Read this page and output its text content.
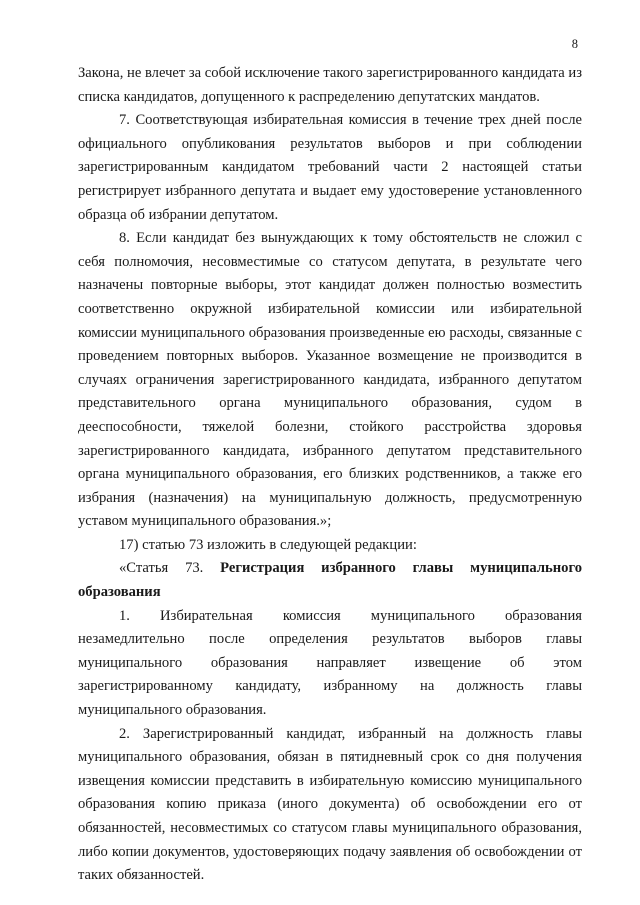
8

Закона, не влечет за собой исключение такого зарегистрированного кандидата из списка кандидатов, допущенного к распределению депутатских мандатов.

7. Соответствующая избирательная комиссия в течение трех дней после официального опубликования результатов выборов и при соблюдении зарегистрированным кандидатом требований части 2 настоящей статьи регистрирует избранного депутата и выдает ему удостоверение установленного образца об избрании депутатом.

8. Если кандидат без вынуждающих к тому обстоятельств не сложил с себя полномочия, несовместимые со статусом депутата, в результате чего назначены повторные выборы, этот кандидат должен полностью возместить соответственно окружной избирательной комиссии или избирательной комиссии муниципального образования произведенные ею расходы, связанные с проведением повторных выборов. Указанное возмещение не производится в случаях ограничения зарегистрированного кандидата, избранного депутатом представительного органа муниципального образования, судом в дееспособности, тяжелой болезни, стойкого расстройства здоровья зарегистрированного кандидата, избранного депутатом представительного органа муниципального образования, его близких родственников, а также его избрания (назначения) на муниципальную должность, предусмотренную уставом муниципального образования.»;

17) статью 73 изложить в следующей редакции:

«Статья 73. Регистрация избранного главы муниципального образования

1. Избирательная комиссия муниципального образования незамедлительно после определения результатов выборов главы муниципального образования направляет извещение об этом зарегистрированному кандидату, избранному на должность главы муниципального образования.

2. Зарегистрированный кандидат, избранный на должность главы муниципального образования, обязан в пятидневный срок со дня получения извещения комиссии представить в избирательную комиссию муниципального образования копию приказа (иного документа) об освобождении его от обязанностей, несовместимых со статусом главы муниципального образования, либо копии документов, удостоверяющих подачу заявления об освобождении от таких обязанностей.
